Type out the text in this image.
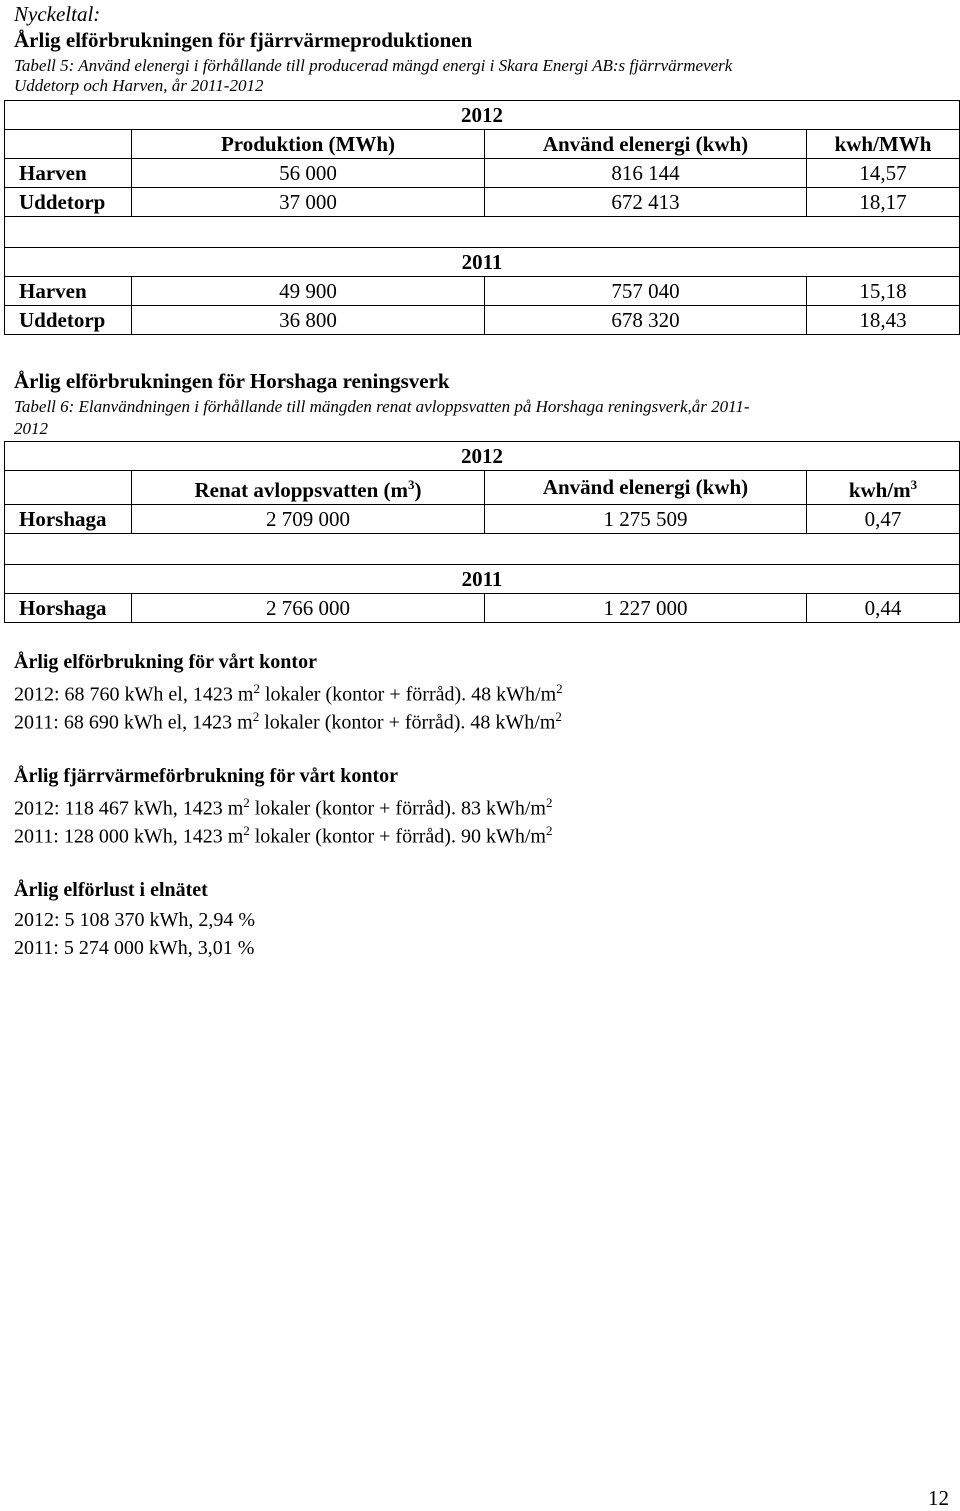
Nyckeltal:
Årlig elförbrukningen för fjärrvärmeproduktionen
Tabell 5: Använd elenergi i förhållande till producerad mängd energi i Skara Energi AB:s fjärrvärmeverk
Uddetorp och Harven, år 2011-2012
2012			
	Produktion (MWh)	Använd elenergi (kwh)	kwh/MWh
Harven	56 000	816 144	14,57
Uddetorp	37 000	672 413	18,17

2011			
Harven	49 900	757 040	15,18
Uddetorp	36 800	678 320	18,43
Årlig elförbrukningen för Horshaga reningsverk
Tabell 6: Elanvändningen i förhållande till mängden renat avloppsvatten på Horshaga reningsverk,år 2011-
2012
2012			
	Renat avloppsvatten $(m^3)$	Använd elenergi (kwh)	kwh/$m^3$
Horshaga	2 709 000	1 275 509	0,47

2011			
Horshaga	2 766 000	1 227 000	0,44
Årlig elförbrukning för vårt kontor
2012: 68 760 kWh el, 1423 $m^2$ lokaler (kontor + förråd). 48 kWh/$m^2$
2011: 68 690 kWh el, 1423 $m^2$ lokaler (kontor + förråd). 48 kWh/$m^2$
Årlig fjärrvärmeförbrukning för vårt kontor
2012: 118 467 kWh, 1423 $m^2$ lokaler (kontor + förråd). 83 kWh/$m^2$
2011: 128 000 kWh, 1423 $m^2$ lokaler (kontor + förråd). 90 kWh/$m^2$
Årlig elförlust i elnätet
2012: 5 108 370 kWh, 2,94 %
2011: 5 274 000 kWh, 3,01 %
12
